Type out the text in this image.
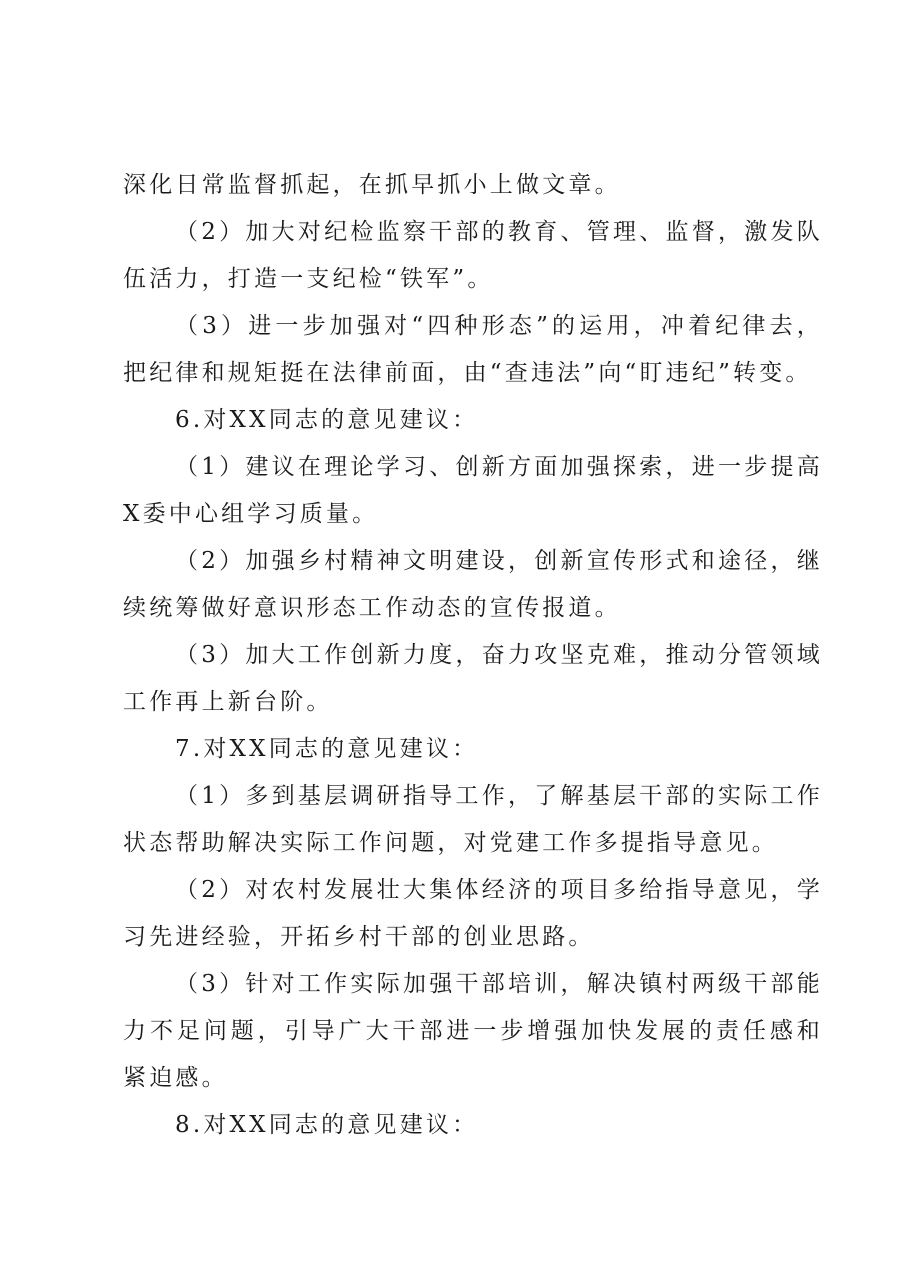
深化日常监督抓起，在抓早抓小上做文章。

（2）加大对纪检监察干部的教育、管理、监督，激发队伍活力，打造一支纪检“铁军”。

（3）进一步加强对“四种形态”的运用，冲着纪律去，把纪律和规矩挺在法律前面，由“查违法”向“盯违纪”转变。

6.对XX同志的意见建议：

（1）建议在理论学习、创新方面加强探索，进一步提高X委中心组学习质量。

（2）加强乡村精神文明建设，创新宣传形式和途径，继续统筹做好意识形态工作动态的宣传报道。

（3）加大工作创新力度，奋力攻坚克难，推动分管领域工作再上新台阶。

7.对XX同志的意见建议：

（1）多到基层调研指导工作，了解基层干部的实际工作状态帮助解决实际工作问题，对党建工作多提指导意见。

（2）对农村发展壮大集体经济的项目多给指导意见，学习先进经验，开拓乡村干部的创业思路。

（3）针对工作实际加强干部培训，解决镇村两级干部能力不足问题，引导广大干部进一步增强加快发展的责任感和紧迫感。

8.对XX同志的意见建议：
